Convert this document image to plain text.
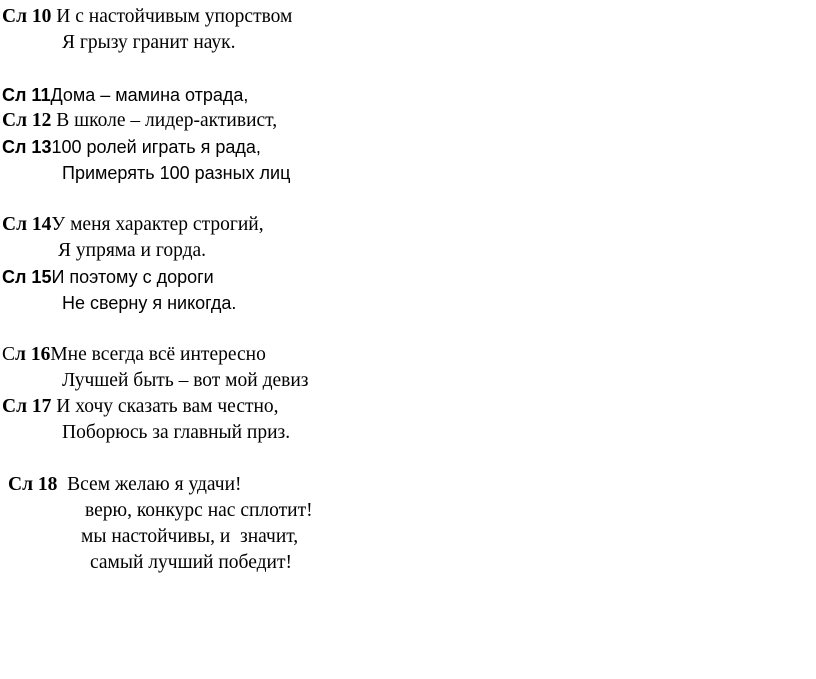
Сл 10 И с настойчивым упорством
Я грызу гранит наук.
Сл 11Дома – мамина отрада,
Сл 12 В школе – лидер-активист,
Сл 13100 ролей играть я рада,
Примерять 100 разных лиц
Сл 14У меня характер строгий,
Я упряма и горда.
Сл 15И поэтому с дороги
Не сверну я никогда.
Сл 16Мне всегда всё интересно
Лучшей быть – вот мой девиз
Сл 17 И хочу сказать вам честно,
Поборюсь за главный приз.
Сл 18  Всем желаю я удачи!
верю, конкурс нас сплотит!
мы настойчивы, и  значит,
самый лучший победит!
